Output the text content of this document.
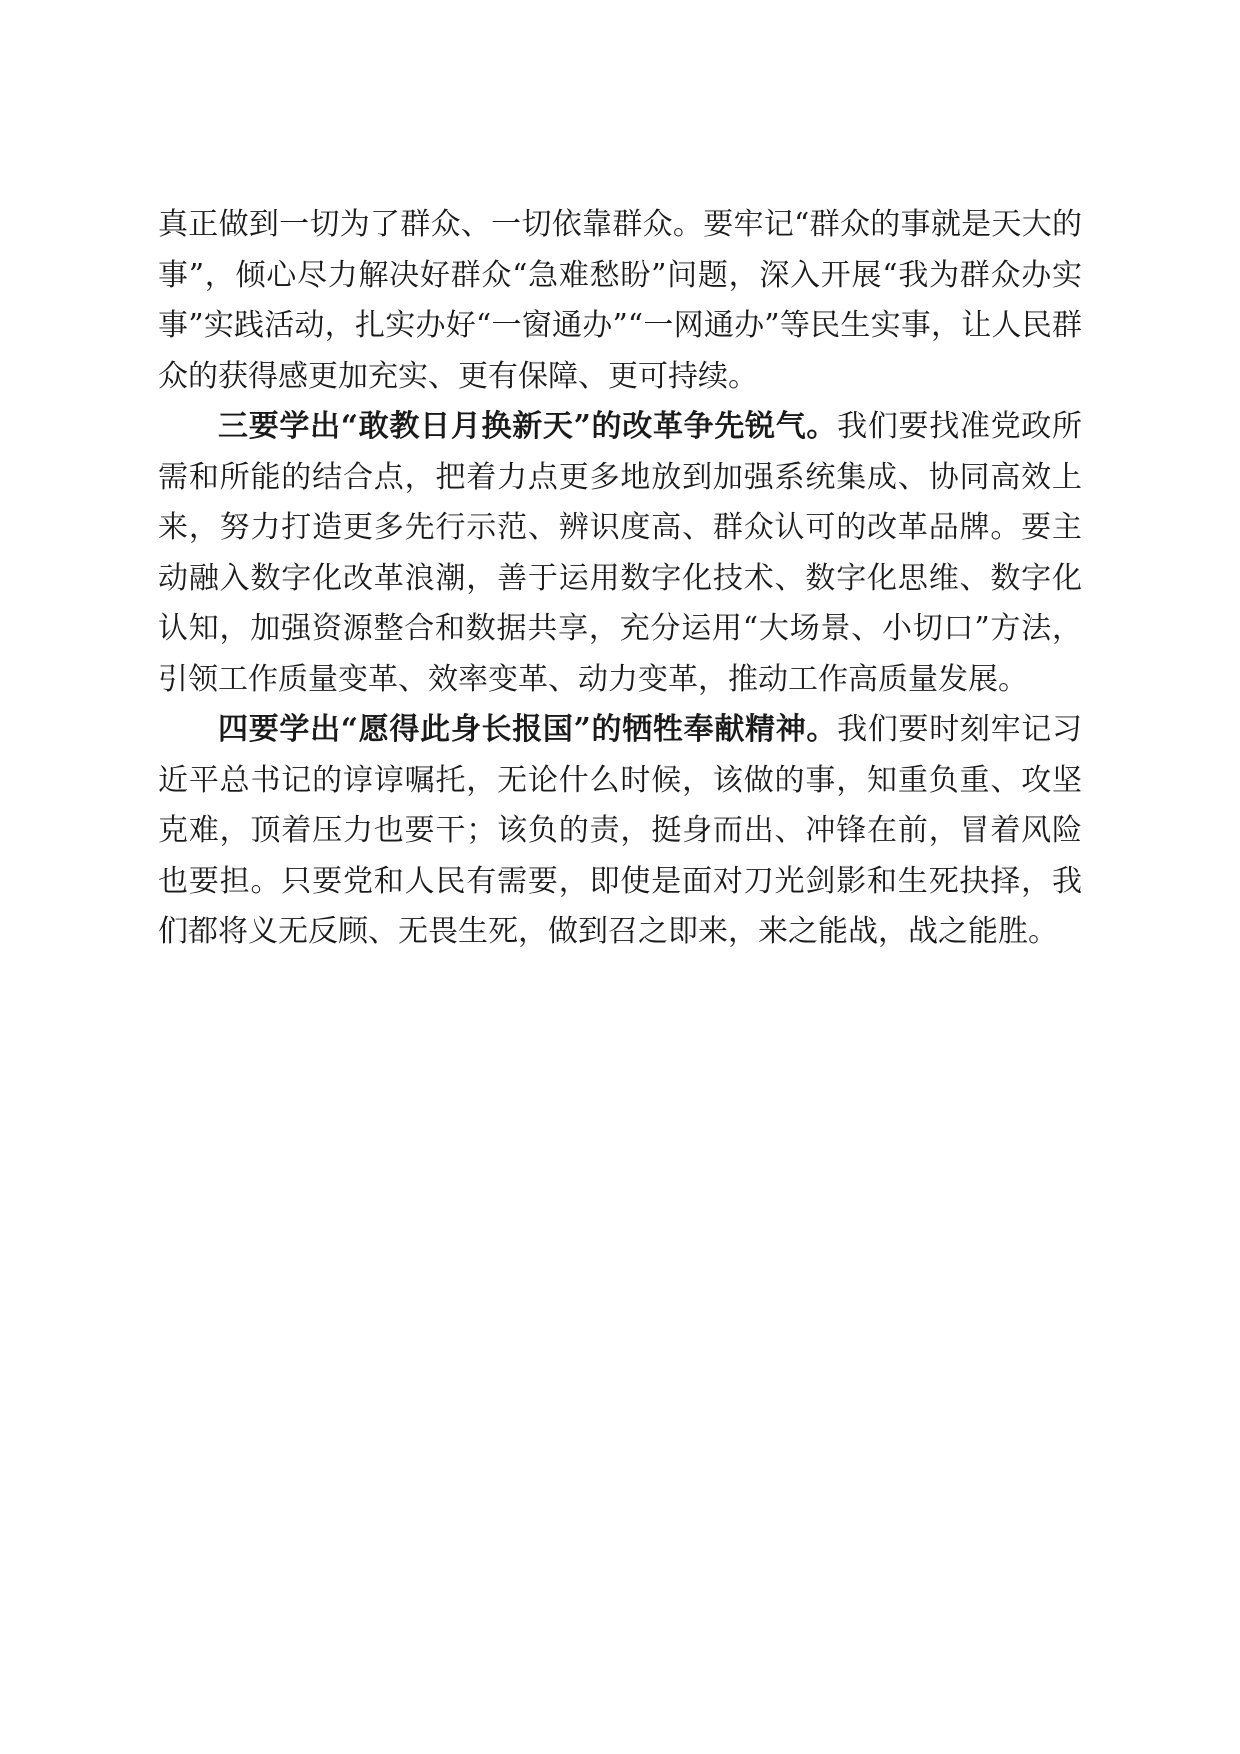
真正做到一切为了群众、一切依靠群众。要牢记“群众的事就是天大的事”，倾心尽力解决好群众“急难愁盼”问题，深入开展“我为群众办实事”实践活动，扎实办好“一窗通办”“一网通办”等民生实事，让人民群众的获得感更加充实、更有保障、更可持续。

三要学出“敢教日月换新天”的改革争先锐气。我们要找准党政所需和所能的结合点，把着力点更多地放到加强系统集成、协同高效上来，努力打造更多先行示范、辨识度高、群众认可的改革品牌。要主动融入数字化改革浪潮，善于运用数字化技术、数字化思维、数字化认知，加强资源整合和数据共享，充分运用“大场景、小切口”方法，引领工作质量变革、效率变革、动力变革，推动工作高质量发展。

四要学出“愿得此身长报国”的牺牲奉献精神。我们要时刻牢记习近平总书记的谆谆嘱托，无论什么时候，该做的事，知重负重、攻坚克难，顶着压力也要干；该负的责，挺身而出、冲锋在前，冒着风险也要担。只要党和人民有需要，即使是面对刀光剑影和生死抉择，我们都将义无反顾、无畏生死，做到召之即来，来之能战，战之能胜。
